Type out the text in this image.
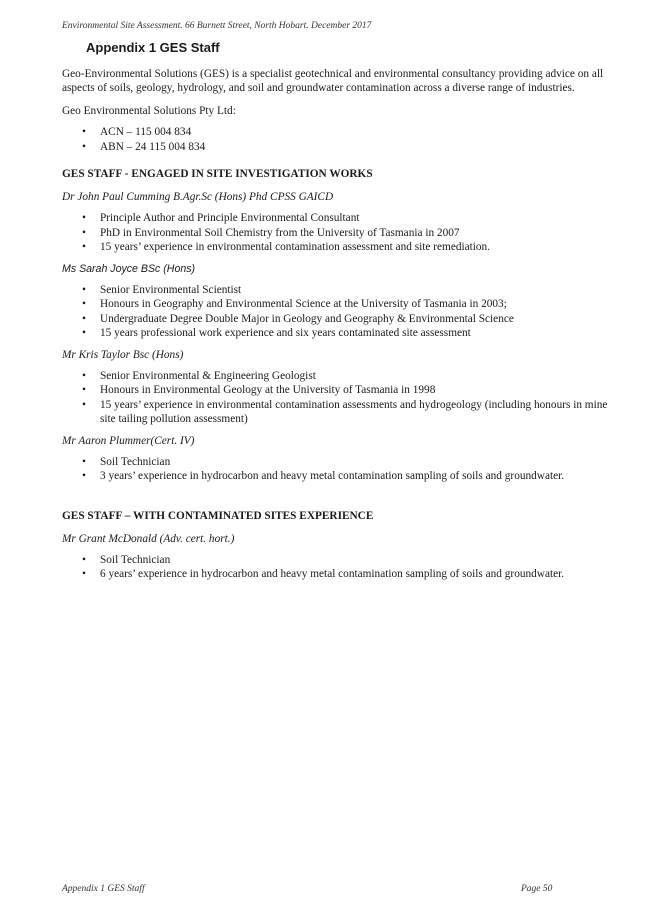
Environmental Site Assessment. 66 Burnett Street, North Hobart. December 2017
Appendix 1 GES Staff

Geo-Environmental Solutions (GES) is a specialist geotechnical and environmental consultancy providing advice on all aspects of soils, geology, hydrology, and soil and groundwater contamination across a diverse range of industries.

Geo Environmental Solutions Pty Ltd:

• ACN – 115 004 834
• ABN – 24 115 004 834

GES STAFF - ENGAGED IN SITE INVESTIGATION WORKS

Dr John Paul Cumming B.Agr.Sc (Hons) Phd CPSS GAICD

• Principle Author and Principle Environmental Consultant
• PhD in Environmental Soil Chemistry from the University of Tasmania in 2007
• 15 years’ experience in environmental contamination assessment and site remediation.

Ms Sarah Joyce BSc (Hons)

• Senior Environmental Scientist
• Honours in Geography and Environmental Science at the University of Tasmania in 2003;
• Undergraduate Degree Double Major in Geology and Geography & Environmental Science
• 15 years professional work experience and six years contaminated site assessment

Mr Kris Taylor Bsc (Hons)

• Senior Environmental & Engineering Geologist
• Honours in Environmental Geology at the University of Tasmania in 1998
• 15 years’ experience in environmental contamination assessments and hydrogeology (including honours in mine site tailing pollution assessment)

Mr Aaron Plummer(Cert. IV)

• Soil Technician
• 3 years’ experience in hydrocarbon and heavy metal contamination sampling of soils and groundwater.

GES STAFF – WITH CONTAMINATED SITES EXPERIENCE

Mr Grant McDonald (Adv. cert. hort.)

• Soil Technician
• 6 years’ experience in hydrocarbon and heavy metal contamination sampling of soils and groundwater.
Appendix 1 GES Staff	Page 50
